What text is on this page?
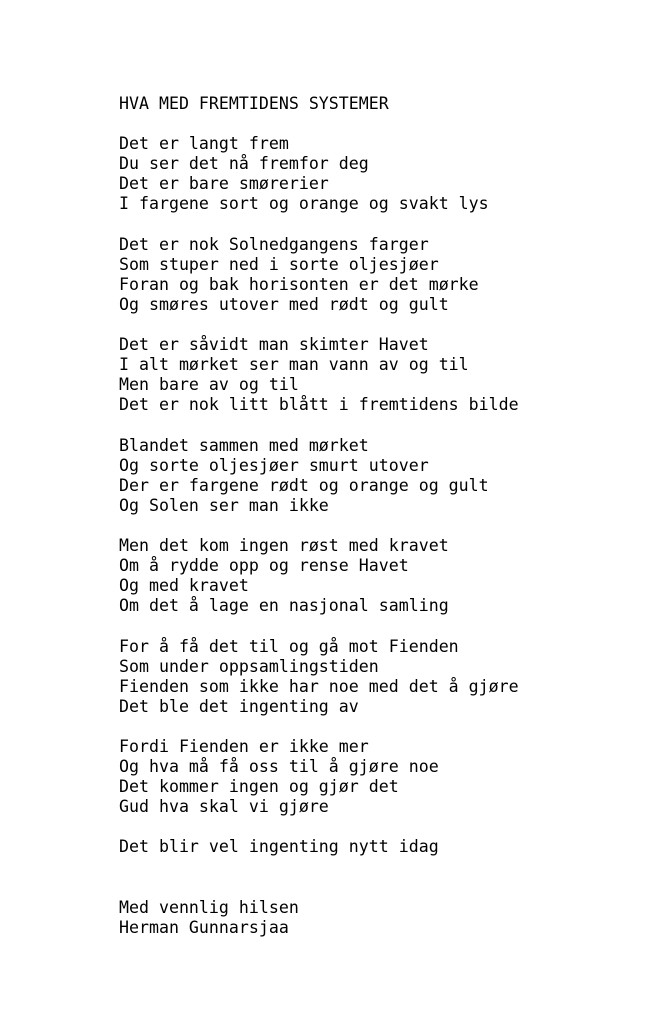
HVA MED FREMTIDENS SYSTEMER
Det er langt frem
Du ser det nå fremfor deg
Det er bare smørerier
I fargene sort og orange og svakt lys
Det er nok Solnedgangens farger
Som stuper ned i sorte oljesjøer
Foran og bak horisonten er det mørke
Og smøres utover med rødt og gult
Det er såvidt man skimter Havet
I alt mørket ser man vann av og til
Men bare av og til
Det er nok litt blått i fremtidens bilde
Blandet sammen med mørket
Og sorte oljesjøer smurt utover
Der er fargene rødt og orange og gult
Og Solen ser man ikke
Men det kom ingen røst med kravet
Om å rydde opp og rense Havet
Og med kravet
Om det å lage en nasjonal samling
For å få det til og gå mot Fienden
Som under oppsamlingstiden
Fienden som ikke har noe med det å gjøre
Det ble det ingenting av
Fordi Fienden er ikke mer
Og hva må få oss til å gjøre noe
Det kommer ingen og gjør det
Gud hva skal vi gjøre
Det blir vel ingenting nytt idag
Med vennlig hilsen
Herman Gunnarsjaa
